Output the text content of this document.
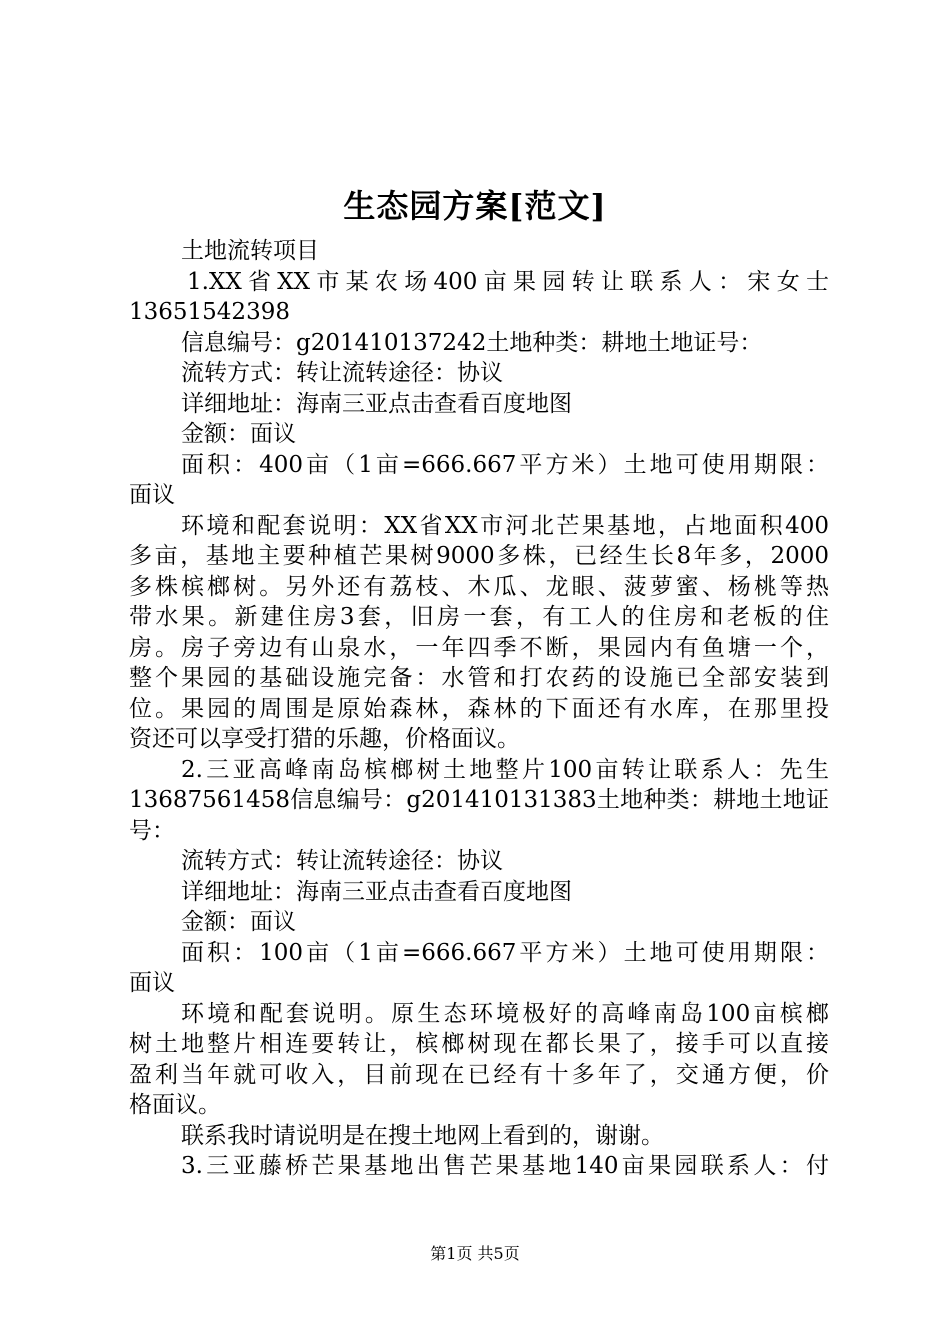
生态园方案[范文]
土地流转项目
1.XX省XX市某农场400亩果园转让联系人：宋女士
13651542398
信息编号：g201410137242土地种类：耕地土地证号：
流转方式：转让流转途径：协议
详细地址：海南三亚点击查看百度地图
金额：面议
面积：400亩（1亩=666.667平方米）土地可使用期限：
面议
环境和配套说明：XX省XX市河北芒果基地，占地面积400
多亩，基地主要种植芒果树9000多株，已经生长8年多，2000
多株槟榔树。另外还有荔枝、木瓜、龙眼、菠萝蜜、杨桃等热
带水果。新建住房3套，旧房一套，有工人的住房和老板的住
房。房子旁边有山泉水，一年四季不断，果园内有鱼塘一个，
整个果园的基础设施完备：水管和打农药的设施已全部安装到
位。果园的周围是原始森林，森林的下面还有水库，在那里投
资还可以享受打猎的乐趣，价格面议。
2.三亚高峰南岛槟榔树土地整片100亩转让联系人：先生
13687561458信息编号：g201410131383土地种类：耕地土地证
号：
流转方式：转让流转途径：协议
详细地址：海南三亚点击查看百度地图
金额：面议
面积：100亩（1亩=666.667平方米）土地可使用期限：
面议
环境和配套说明。原生态环境极好的高峰南岛100亩槟榔
树土地整片相连要转让，槟榔树现在都长果了，接手可以直接
盈利当年就可收入，目前现在已经有十多年了，交通方便，价
格面议。
联系我时请说明是在搜土地网上看到的，谢谢。
3.三亚藤桥芒果基地出售芒果基地140亩果园联系人：付
第1页 共5页
